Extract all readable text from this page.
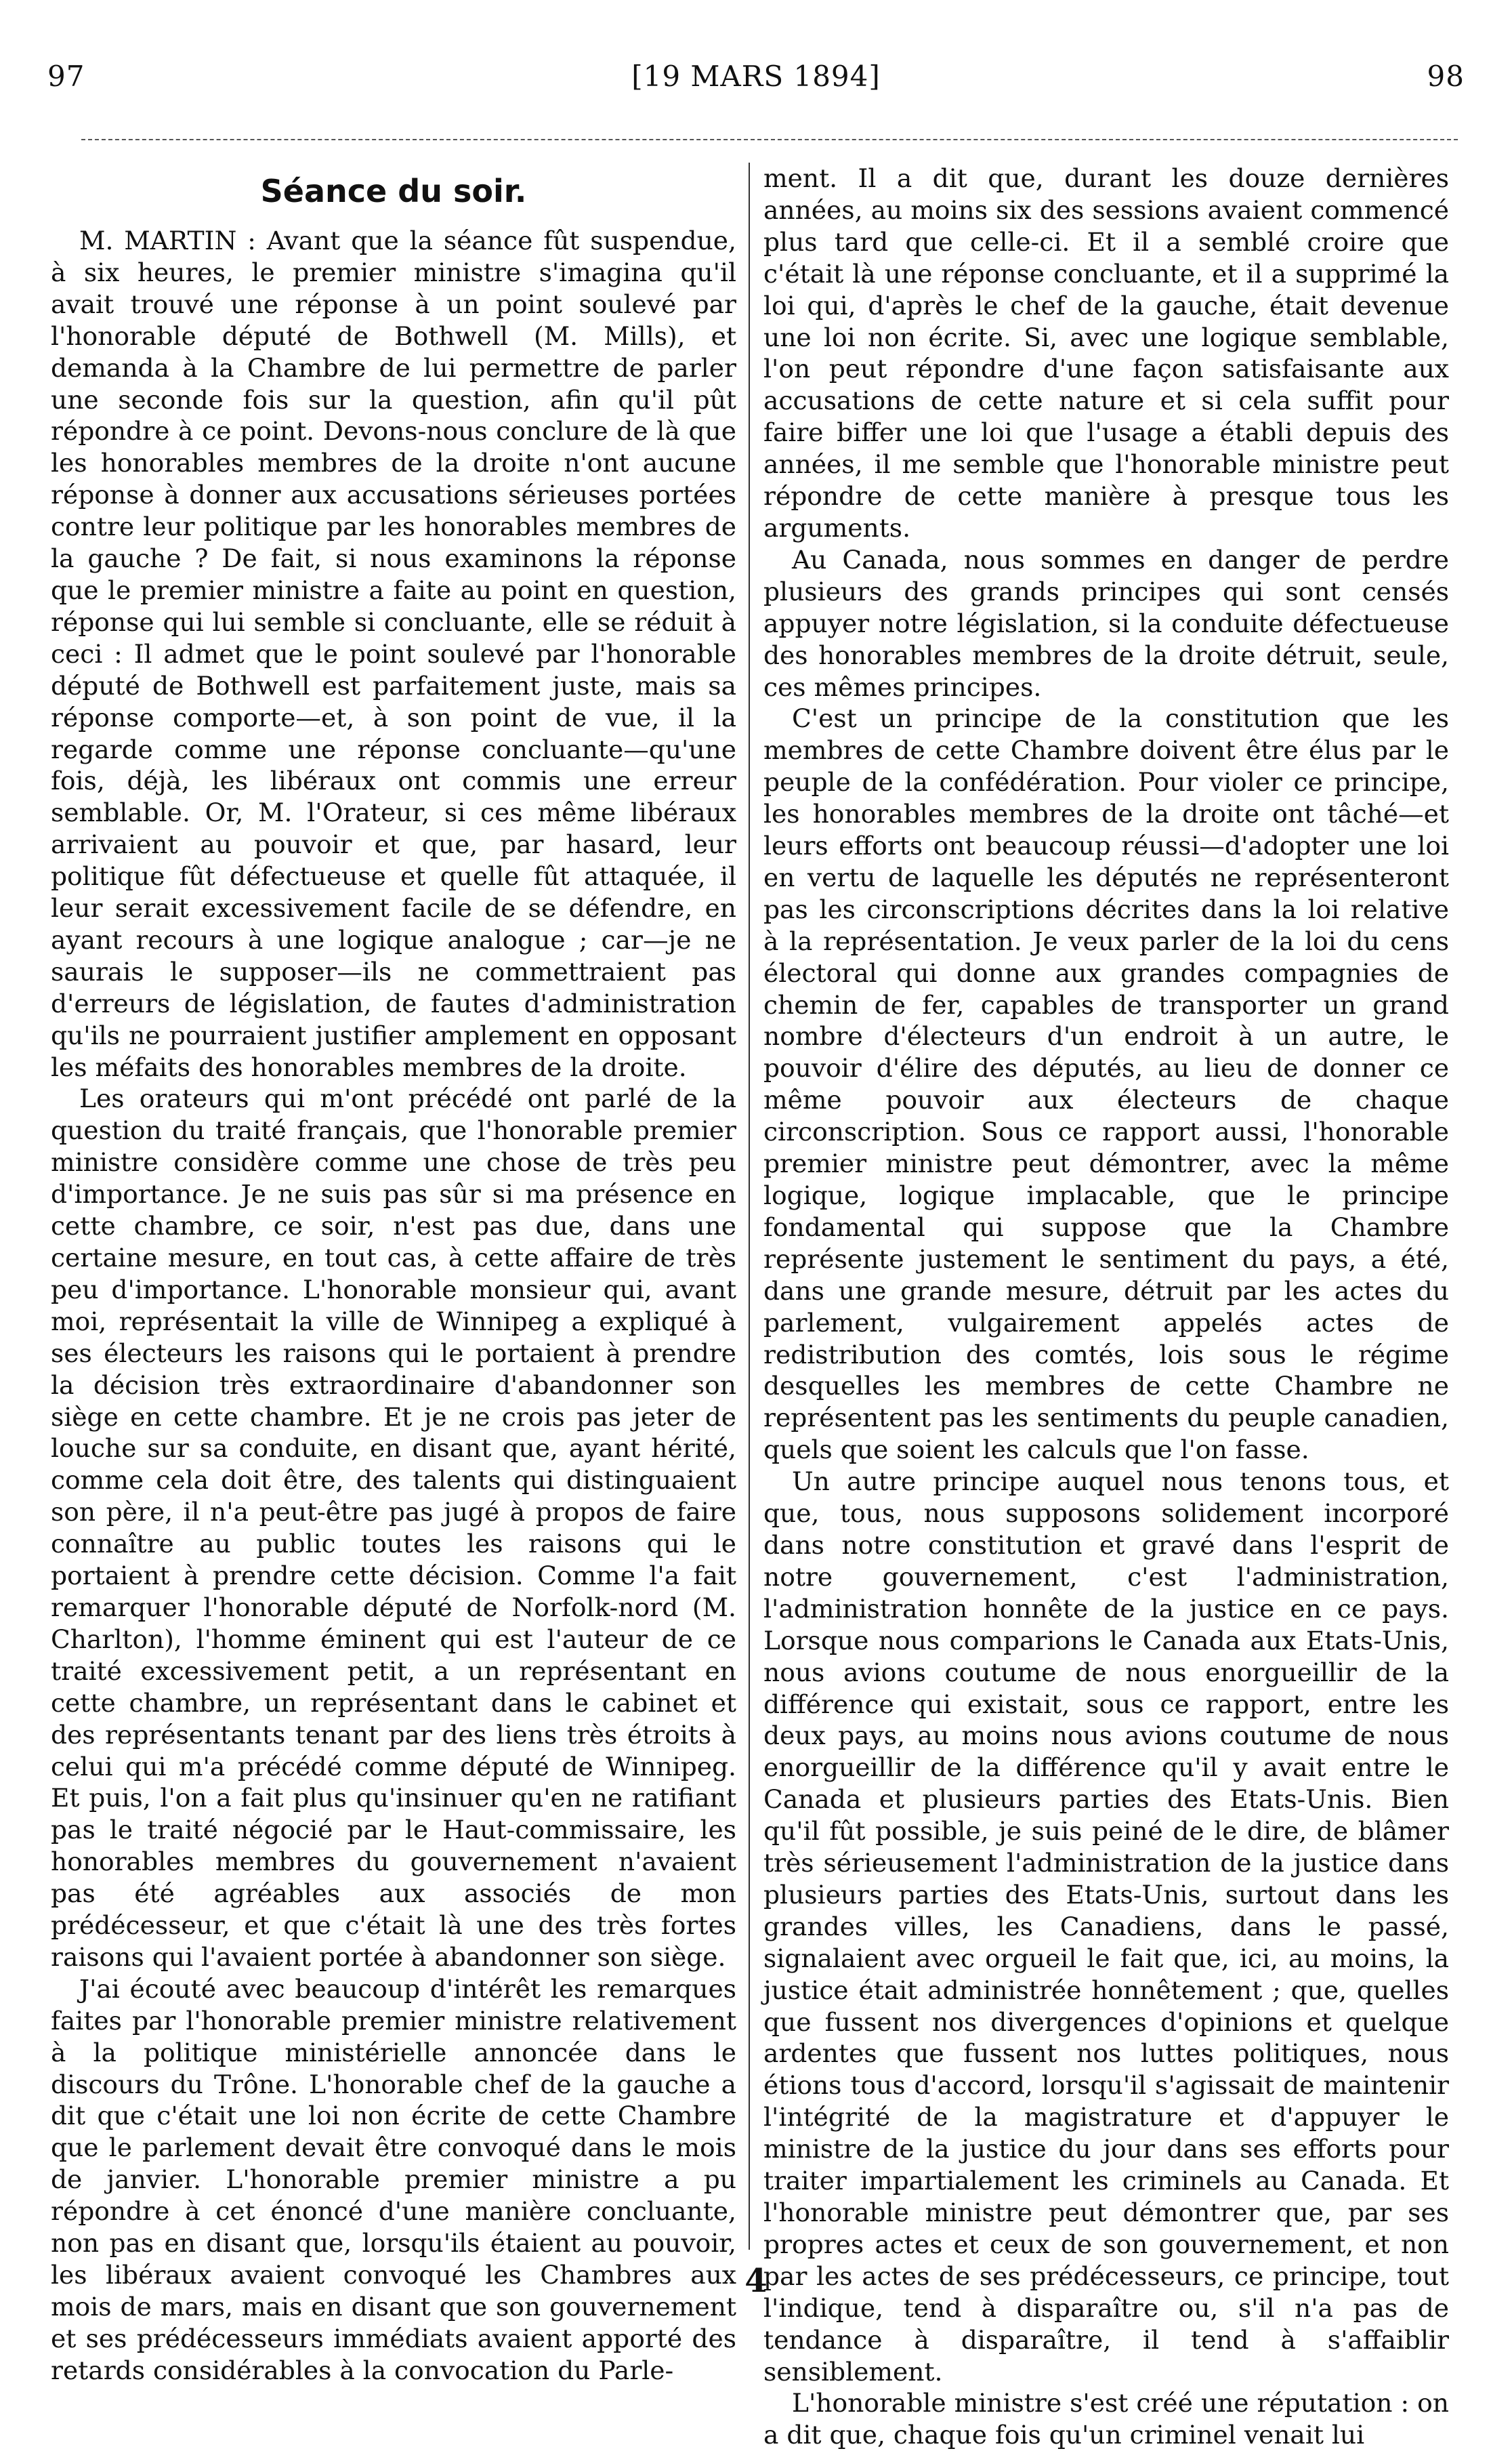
97	[19 MARS 1894]	98
Séance du soir.

M. MARTIN : Avant que la séance fût suspendue, à six heures, le premier ministre s'imagina qu'il avait trouvé une réponse à un point soulevé par l'honorable député de Bothwell (M. Mills), et demanda à la Chambre de lui permettre de parler une seconde fois sur la question, afin qu'il pût répondre à ce point. Devons-nous conclure de là que les honorables membres de la droite n'ont aucune réponse à donner aux accusations sérieuses portées contre leur politique par les honorables membres de la gauche ? De fait, si nous examinons la réponse que le premier ministre a faite au point en question, réponse qui lui semble si concluante, elle se réduit à ceci : Il admet que le point soulevé par l'honorable député de Bothwell est parfaitement juste, mais sa réponse comporte—et, à son point de vue, il la regarde comme une réponse concluante—qu'une fois, déjà, les libéraux ont commis une erreur semblable. Or, M. l'Orateur, si ces même libéraux arrivaient au pouvoir et que, par hasard, leur politique fût défectueuse et quelle fût attaquée, il leur serait excessivement facile de se défendre, en ayant recours à une logique analogue ; car—je ne saurais le supposer—ils ne commettraient pas d'erreurs de législation, de fautes d'administration qu'ils ne pourraient justifier amplement en opposant les méfaits des honorables membres de la droite.

Les orateurs qui m'ont précédé ont parlé de la question du traité français, que l'honorable premier ministre considère comme une chose de très peu d'importance. Je ne suis pas sûr si ma présence en cette chambre, ce soir, n'est pas due, dans une certaine mesure, en tout cas, à cette affaire de très peu d'importance. L'honorable monsieur qui, avant moi, représentait la ville de Winnipeg a expliqué à ses électeurs les raisons qui le portaient à prendre la décision très extraordinaire d'abandonner son siège en cette chambre. Et je ne crois pas jeter de louche sur sa conduite, en disant que, ayant hérité, comme cela doit être, des talents qui distinguaient son père, il n'a peut-être pas jugé à propos de faire connaître au public toutes les raisons qui le portaient à prendre cette décision. Comme l'a fait remarquer l'honorable député de Norfolk-nord (M. Charlton), l'homme éminent qui est l'auteur de ce traité excessivement petit, a un représentant en cette chambre, un représentant dans le cabinet et des représentants tenant par des liens très étroits à celui qui m'a précédé comme député de Winnipeg. Et puis, l'on a fait plus qu'insinuer qu'en ne ratifiant pas le traité négocié par le Haut-commissaire, les honorables membres du gouvernement n'avaient pas été agréables aux associés de mon prédécesseur, et que c'était là une des très fortes raisons qui l'avaient portée à abandonner son siège.

J'ai écouté avec beaucoup d'intérêt les remarques faites par l'honorable premier ministre relativement à la politique ministérielle annoncée dans le discours du Trône. L'honorable chef de la gauche a dit que c'était une loi non écrite de cette Chambre que le parlement devait être convoqué dans le mois de janvier. L'honorable premier ministre a pu répondre à cet énoncé d'une manière concluante, non pas en disant que, lorsqu'ils étaient au pouvoir, les libéraux avaient convoqué les Chambres aux mois de mars, mais en disant que son gouvernement et ses prédécesseurs immédiats avaient apporté des retards considérables à la convocation du Parle-

ment. Il a dit que, durant les douze dernières années, au moins six des sessions avaient commencé plus tard que celle-ci. Et il a semblé croire que c'était là une réponse concluante, et il a supprimé la loi qui, d'après le chef de la gauche, était devenue une loi non écrite. Si, avec une logique semblable, l'on peut répondre d'une façon satisfaisante aux accusations de cette nature et si cela suffit pour faire biffer une loi que l'usage a établi depuis des années, il me semble que l'honorable ministre peut répondre de cette manière à presque tous les arguments.

Au Canada, nous sommes en danger de perdre plusieurs des grands principes qui sont censés appuyer notre législation, si la conduite défectueuse des honorables membres de la droite détruit, seule, ces mêmes principes.

C'est un principe de la constitution que les membres de cette Chambre doivent être élus par le peuple de la confédération. Pour violer ce principe, les honorables membres de la droite ont tâché—et leurs efforts ont beaucoup réussi—d'adopter une loi en vertu de laquelle les députés ne représenteront pas les circonscriptions décrites dans la loi relative à la représentation. Je veux parler de la loi du cens électoral qui donne aux grandes compagnies de chemin de fer, capables de transporter un grand nombre d'électeurs d'un endroit à un autre, le pouvoir d'élire des députés, au lieu de donner ce même pouvoir aux électeurs de chaque circonscription. Sous ce rapport aussi, l'honorable premier ministre peut démontrer, avec la même logique, logique implacable, que le principe fondamental qui suppose que la Chambre représente justement le sentiment du pays, a été, dans une grande mesure, détruit par les actes du parlement, vulgairement appelés actes de redistribution des comtés, lois sous le régime desquelles les membres de cette Chambre ne représentent pas les sentiments du peuple canadien, quels que soient les calculs que l'on fasse.

Un autre principe auquel nous tenons tous, et que, tous, nous supposons solidement incorporé dans notre constitution et gravé dans l'esprit de notre gouvernement, c'est l'administration, l'administration honnête de la justice en ce pays. Lorsque nous comparions le Canada aux Etats-Unis, nous avions coutume de nous enorgueillir de la différence qui existait, sous ce rapport, entre les deux pays, au moins nous avions coutume de nous enorgueillir de la différence qu'il y avait entre le Canada et plusieurs parties des Etats-Unis. Bien qu'il fût possible, je suis peiné de le dire, de blâmer très sérieusement l'administration de la justice dans plusieurs parties des Etats-Unis, surtout dans les grandes villes, les Canadiens, dans le passé, signalaient avec orgueil le fait que, ici, au moins, la justice était administrée honnêtement ; que, quelles que fussent nos divergences d'opinions et quelque ardentes que fussent nos luttes politiques, nous étions tous d'accord, lorsqu'il s'agissait de maintenir l'intégrité de la magistrature et d'appuyer le ministre de la justice du jour dans ses efforts pour traiter impartialement les criminels au Canada. Et l'honorable ministre peut démontrer que, par ses propres actes et ceux de son gouvernement, et non par les actes de ses prédécesseurs, ce principe, tout l'indique, tend à disparaître ou, s'il n'a pas de tendance à disparaître, il tend à s'affaiblir sensiblement.

L'honorable ministre s'est créé une réputation : on a dit que, chaque fois qu'un criminel venait lui

4
